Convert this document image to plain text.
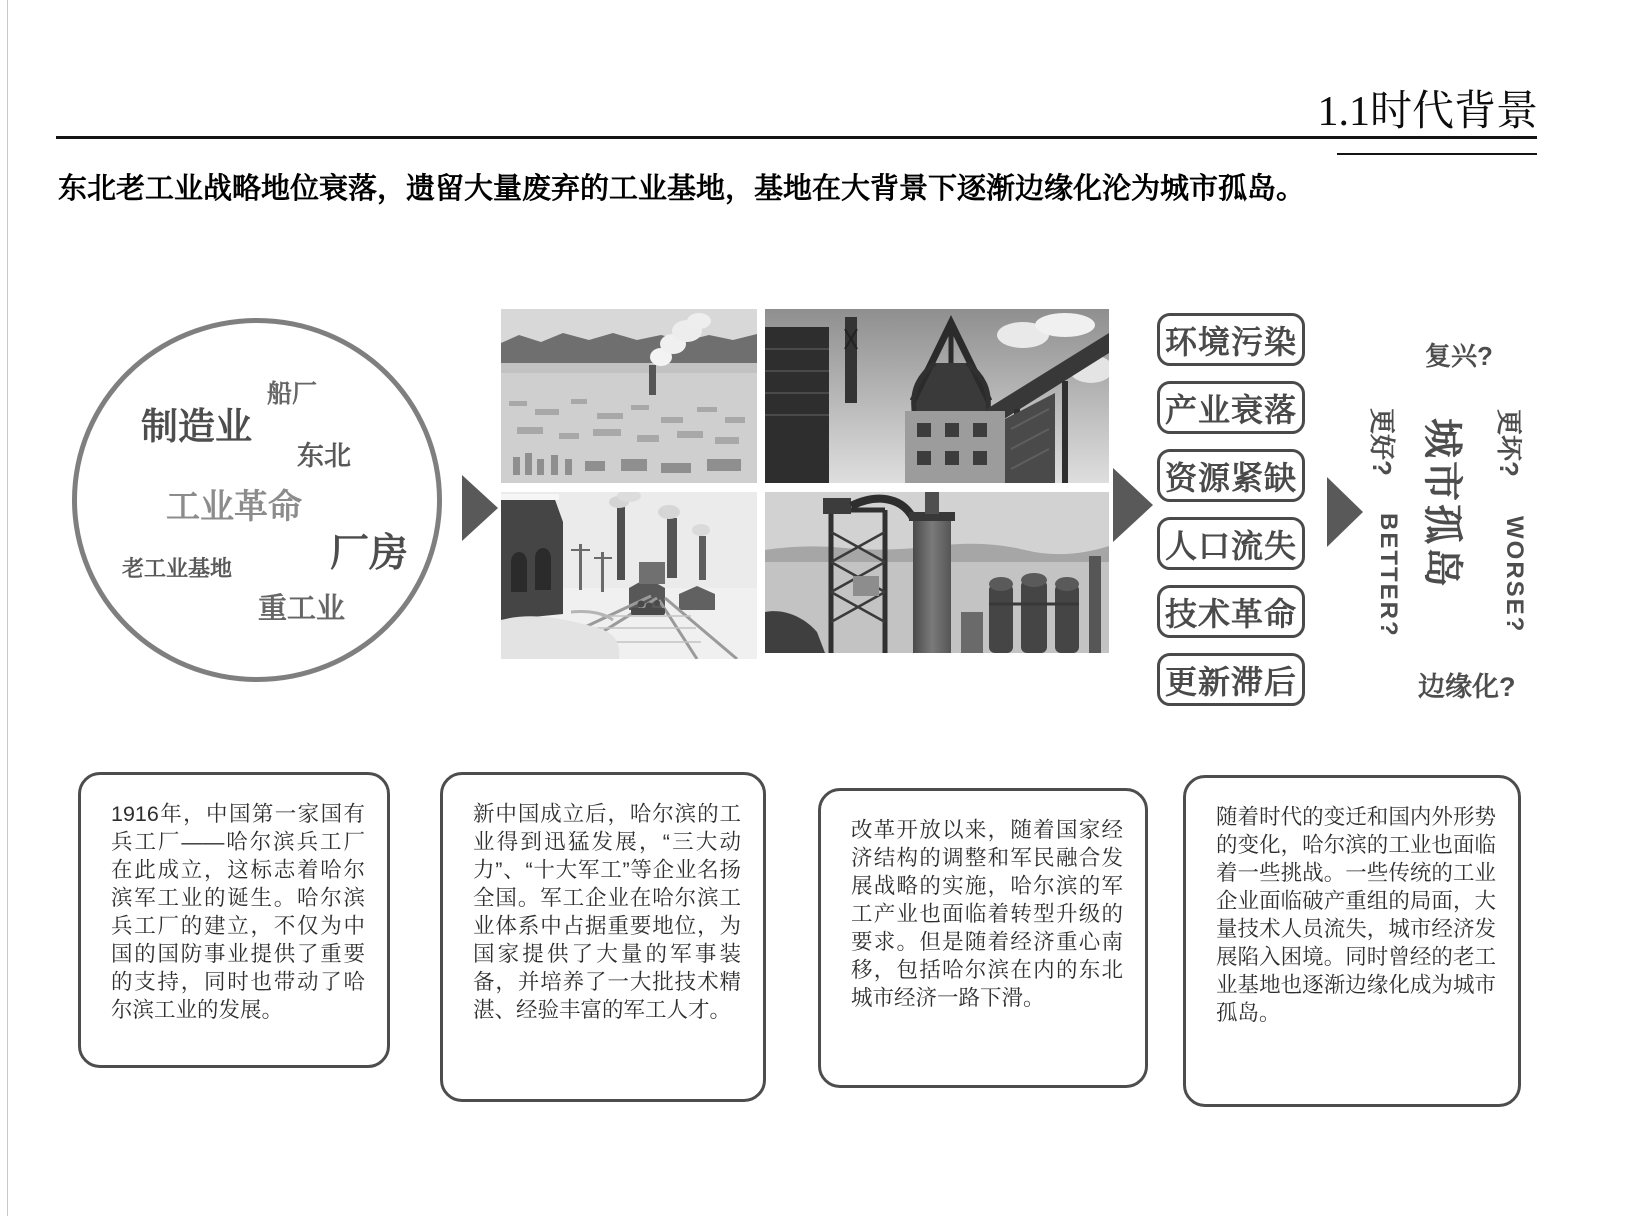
1.1时代背景
东北老工业战略地位衰落，遗留大量废弃的工业基地，基地在大背景下逐渐边缘化沦为城市孤岛。
船厂
制造业
东北
工业革命
厂房
老工业基地
重工业
环境污染
产业衰落
资源紧缺
人口流失
技术革命
更新滞后
复兴?
更好? 城市孤岛	更坏?
BETTER?	WORSE?
边缘化?
1916年，中国第一家国有兵工厂——哈尔滨兵工厂在此成立，这标志着哈尔滨军工业的诞生。哈尔滨兵工厂的建立，不仅为中国的国防事业提供了重要的支持，同时也带动了哈尔滨工业的发展。
新中国成立后，哈尔滨的工业得到迅猛发展，“三大动力”、“十大军工”等企业名扬全国。军工企业在哈尔滨工业体系中占据重要地位，为国家提供了大量的军事装备，并培养了一大批技术精湛、经验丰富的军工人才。
改革开放以来，随着国家经济结构的调整和军民融合发展战略的实施，哈尔滨的军工产业也面临着转型升级的要求。但是随着经济重心南移，包括哈尔滨在内的东北城市经济一路下滑。
随着时代的变迁和国内外形势的变化，哈尔滨的工业也面临着一些挑战。一些传统的工业企业面临破产重组的局面，大量技术人员流失，城市经济发展陷入困境。同时曾经的老工业基地也逐渐边缘化成为城市孤岛。
